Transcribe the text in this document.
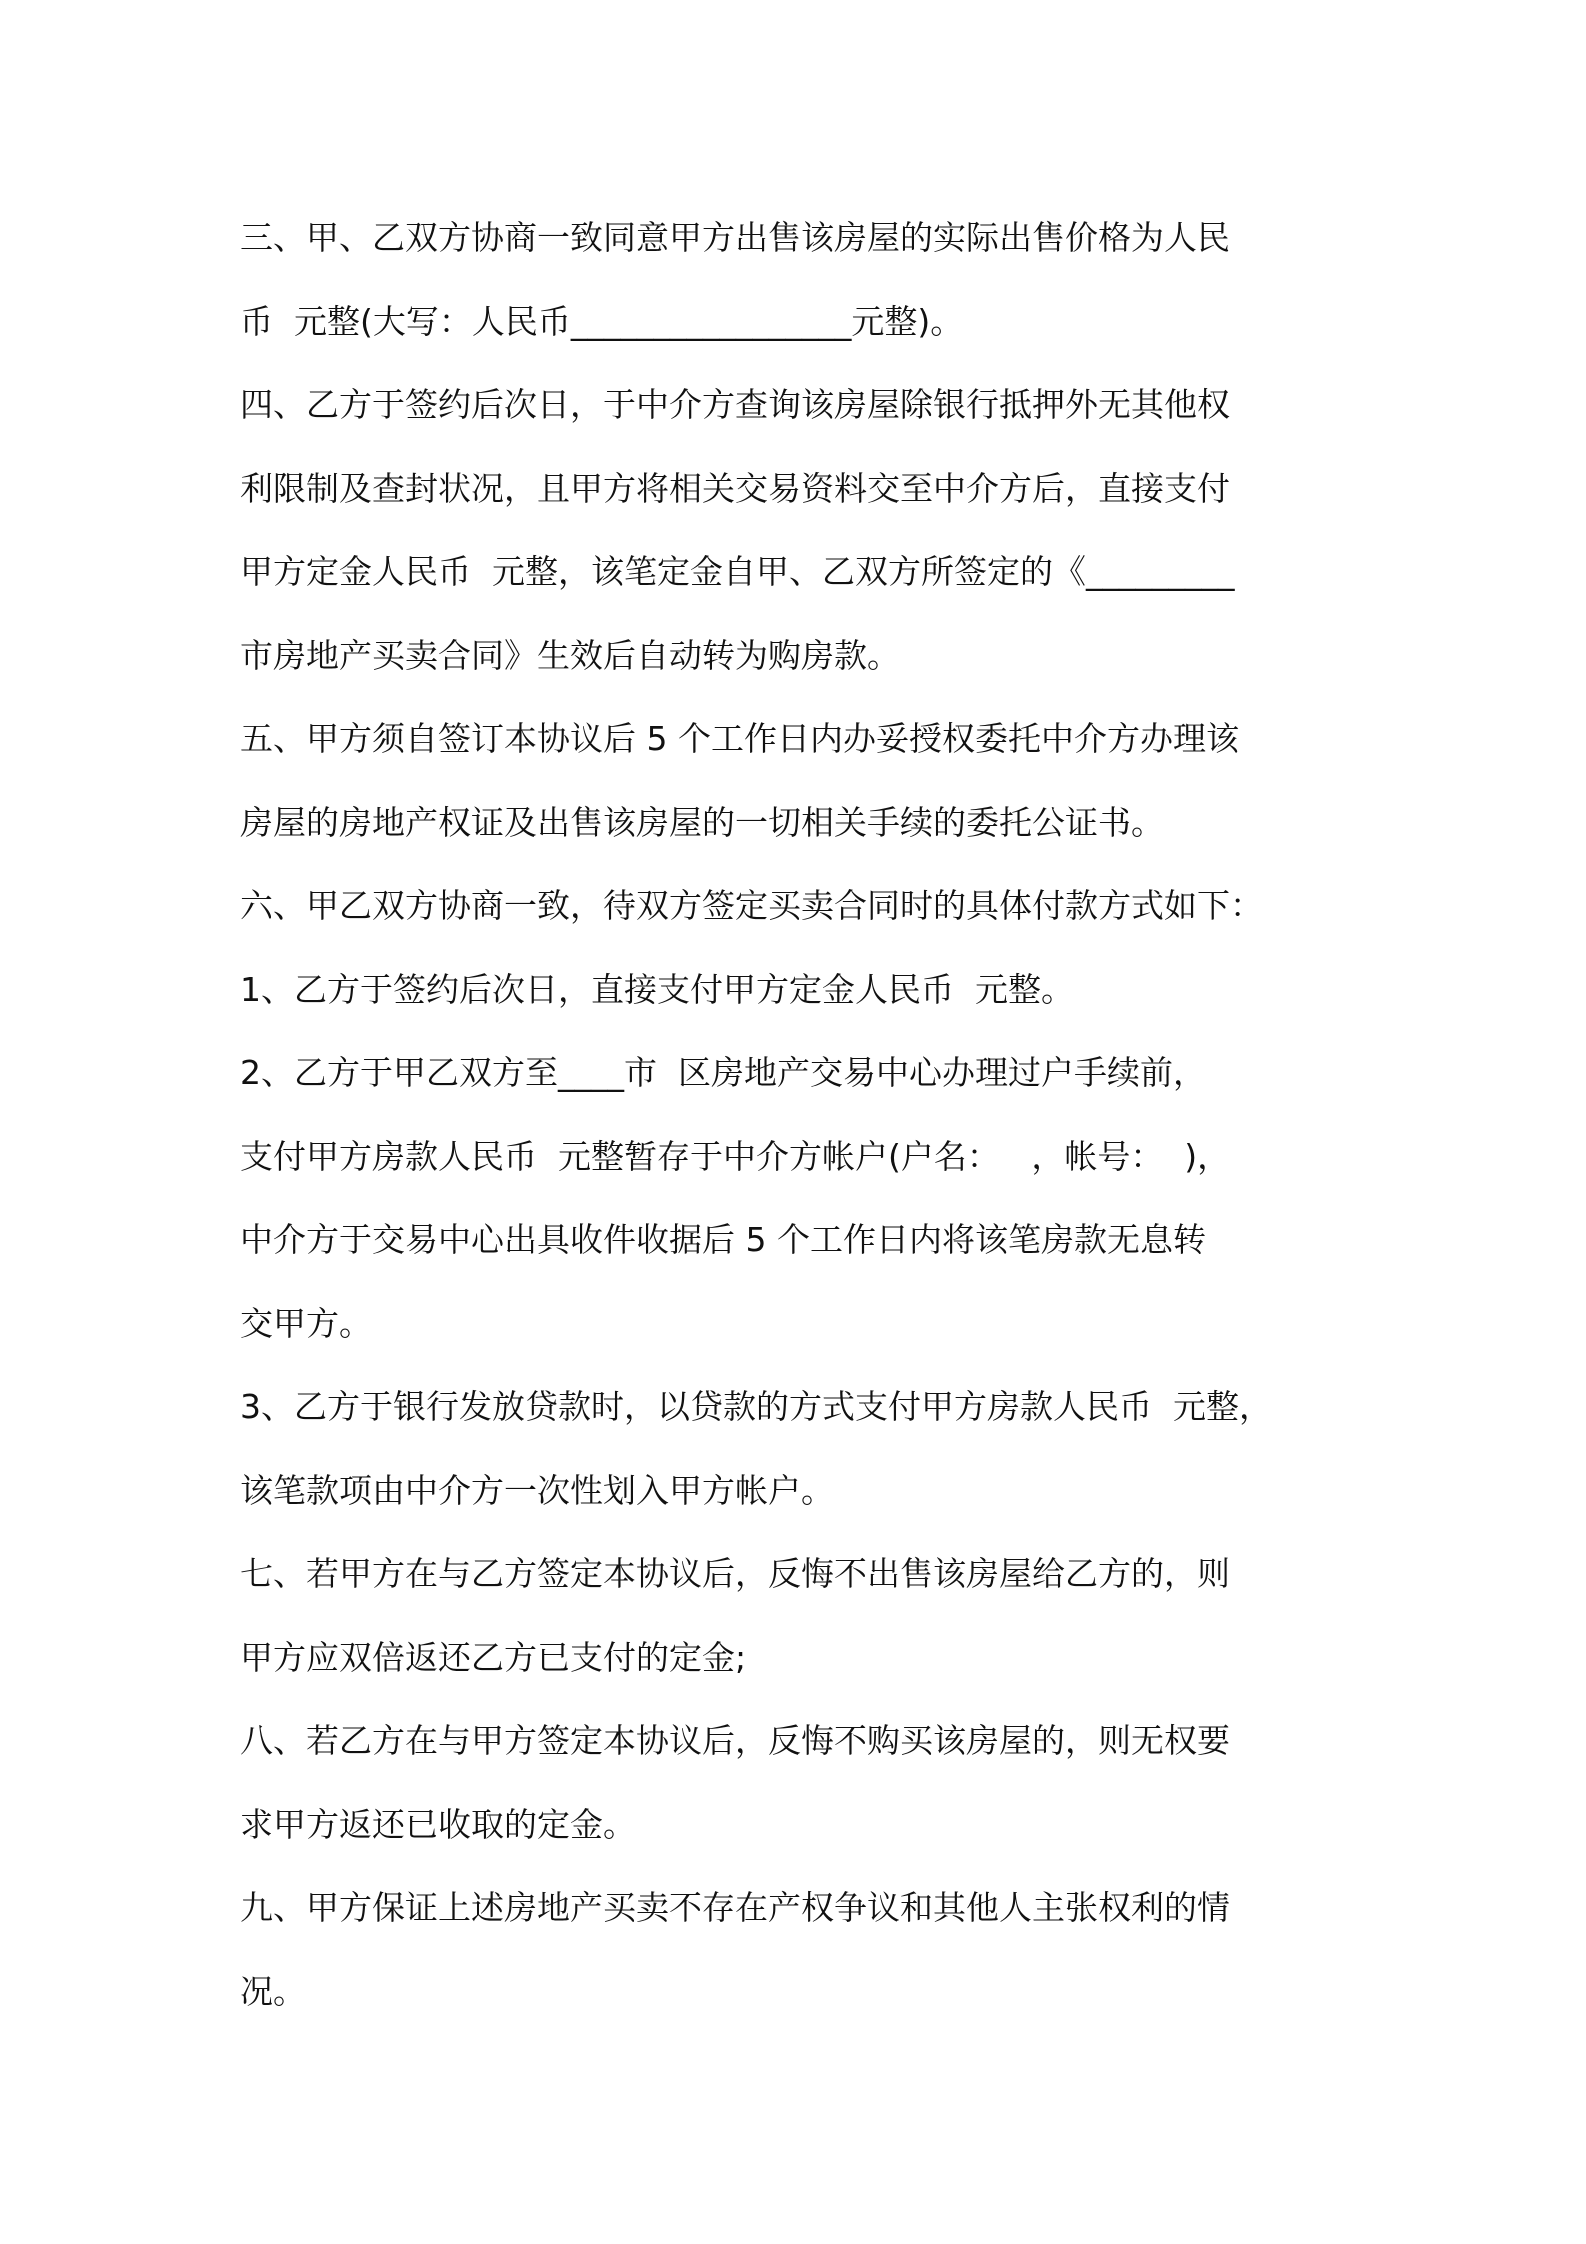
三、甲、乙双方协商一致同意甲方出售该房屋的实际出售价格为人民
币  元整(大写：人民币_________________元整)。
四、乙方于签约后次日，于中介方查询该房屋除银行抵押外无其他权
利限制及查封状况，且甲方将相关交易资料交至中介方后，直接支付
甲方定金人民币  元整，该笔定金自甲、乙双方所签定的《_________
市房地产买卖合同》生效后自动转为购房款。
五、甲方须自签订本协议后 5 个工作日内办妥授权委托中介方办理该
房屋的房地产权证及出售该房屋的一切相关手续的委托公证书。
六、甲乙双方协商一致，待双方签定买卖合同时的具体付款方式如下：
1、乙方于签约后次日，直接支付甲方定金人民币  元整。
2、乙方于甲乙双方至____市  区房地产交易中心办理过户手续前，
支付甲方房款人民币  元整暂存于中介方帐户(户名：   ，帐号：  )，
中介方于交易中心出具收件收据后 5 个工作日内将该笔房款无息转
交甲方。
3、乙方于银行发放贷款时，以贷款的方式支付甲方房款人民币  元整，
该笔款项由中介方一次性划入甲方帐户。
七、若甲方在与乙方签定本协议后，反悔不出售该房屋给乙方的，则
甲方应双倍返还乙方已支付的定金;
八、若乙方在与甲方签定本协议后，反悔不购买该房屋的，则无权要
求甲方返还已收取的定金。
九、甲方保证上述房地产买卖不存在产权争议和其他人主张权利的情
况。
